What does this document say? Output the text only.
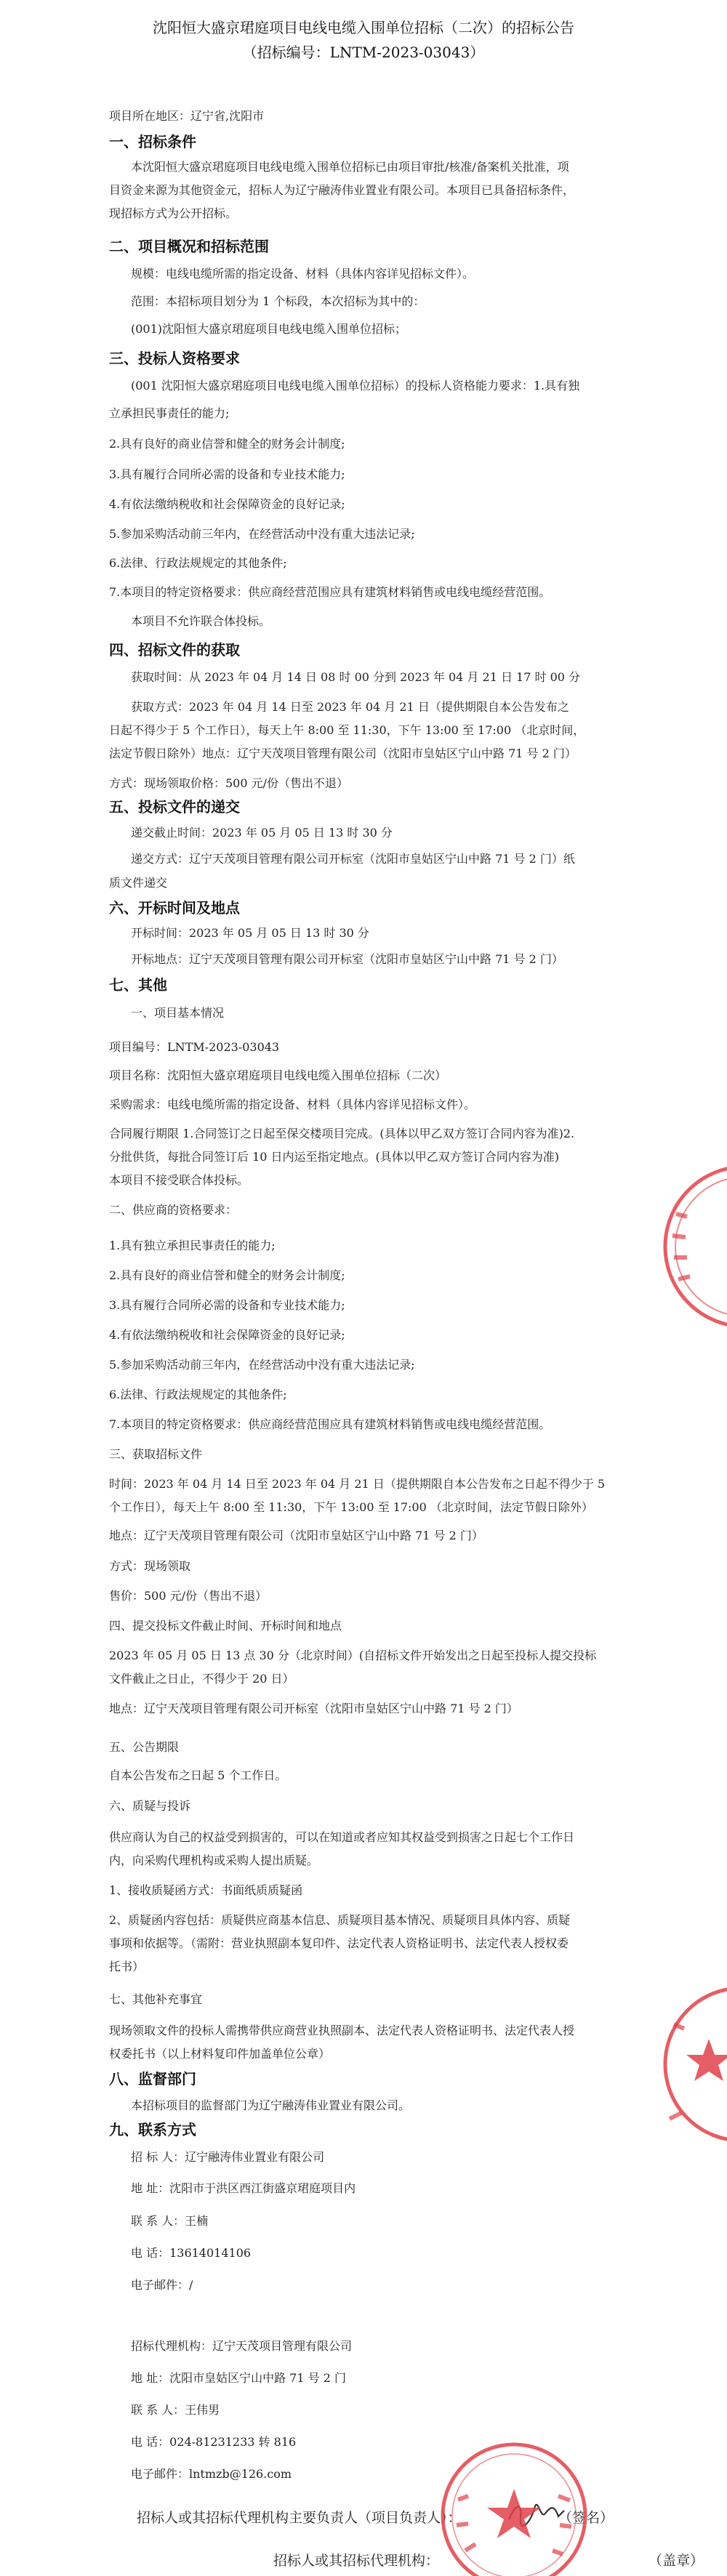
沈阳恒大盛京珺庭项目电线电缆入围单位招标（二次）的招标公告
（招标编号：LNTM-2023-03043）
项目所在地区：辽宁省,沈阳市
一、招标条件
本沈阳恒大盛京珺庭项目电线电缆入围单位招标已由项目审批/核准/备案机关批准，项
目资金来源为其他资金元，招标人为辽宁融涛伟业置业有限公司。本项目已具备招标条件，
现招标方式为公开招标。
二、项目概况和招标范围
规模：电线电缆所需的指定设备、材料（具体内容详见招标文件）。
范围：本招标项目划分为 1 个标段，本次招标为其中的：
(001)沈阳恒大盛京珺庭项目电线电缆入围单位招标；
三、投标人资格要求
(001 沈阳恒大盛京珺庭项目电线电缆入围单位招标）的投标人资格能力要求：1.具有独
立承担民事责任的能力;
2.具有良好的商业信誉和健全的财务会计制度;
3.具有履行合同所必需的设备和专业技术能力;
4.有依法缴纳税收和社会保障资金的良好记录;
5.参加采购活动前三年内，在经营活动中没有重大违法记录;
6.法律、行政法规规定的其他条件;
7.本项目的特定资格要求：供应商经营范围应具有建筑材料销售或电线电缆经营范围。
本项目不允许联合体投标。
四、招标文件的获取
获取时间：从 2023 年 04 月 14 日 08 时 00 分到 2023 年 04 月 21 日 17 时 00 分
获取方式：2023 年 04 月 14 日至 2023 年 04 月 21 日（提供期限自本公告发布之
日起不得少于 5 个工作日），每天上午 8:00 至 11:30，下午 13:00 至 17:00 （北京时间，
法定节假日除外）地点：辽宁天茂项目管理有限公司（沈阳市皇姑区宁山中路 71 号 2 门）
方式：现场领取价格：500 元/份（售出不退）
五、投标文件的递交
递交截止时间：2023 年 05 月 05 日 13 时 30 分
递交方式：辽宁天茂项目管理有限公司开标室（沈阳市皇姑区宁山中路 71 号 2 门）纸
质文件递交
六、开标时间及地点
开标时间：2023 年 05 月 05 日 13 时 30 分
开标地点：辽宁天茂项目管理有限公司开标室（沈阳市皇姑区宁山中路 71 号 2 门）
七、其他
一、项目基本情况
项目编号：LNTM-2023-03043
项目名称：沈阳恒大盛京珺庭项目电线电缆入围单位招标（二次）
采购需求：电线电缆所需的指定设备、材料（具体内容详见招标文件）。
合同履行期限 1.合同签订之日起至保交楼项目完成。(具体以甲乙双方签订合同内容为准)2.
分批供货，每批合同签订后 10 日内运至指定地点。(具体以甲乙双方签订合同内容为准)
本项目不接受联合体投标。
二、供应商的资格要求：
1.具有独立承担民事责任的能力;
2.具有良好的商业信誉和健全的财务会计制度;
3.具有履行合同所必需的设备和专业技术能力;
4.有依法缴纳税收和社会保障资金的良好记录;
5.参加采购活动前三年内，在经营活动中没有重大违法记录;
6.法律、行政法规规定的其他条件;
7.本项目的特定资格要求：供应商经营范围应具有建筑材料销售或电线电缆经营范围。
三、获取招标文件
时间：2023 年 04 月 14 日至 2023 年 04 月 21 日（提供期限自本公告发布之日起不得少于 5
个工作日），每天上午 8:00 至 11:30，下午 13:00 至 17:00 （北京时间，法定节假日除外）
地点：辽宁天茂项目管理有限公司（沈阳市皇姑区宁山中路 71 号 2 门）
方式：现场领取
售价：500 元/份（售出不退）
四、提交投标文件截止时间、开标时间和地点
2023 年 05 月 05 日 13 点 30 分（北京时间）(自招标文件开始发出之日起至投标人提交投标
文件截止之日止，不得少于 20 日）
地点：辽宁天茂项目管理有限公司开标室（沈阳市皇姑区宁山中路 71 号 2 门）
五、公告期限
自本公告发布之日起 5 个工作日。
六、质疑与投诉
供应商认为自己的权益受到损害的，可以在知道或者应知其权益受到损害之日起七个工作日
内，向采购代理机构或采购人提出质疑。
1、接收质疑函方式：书面纸质质疑函
2、质疑函内容包括：质疑供应商基本信息、质疑项目基本情况、质疑项目具体内容、质疑
事项和依据等。（需附：营业执照副本复印件、法定代表人资格证明书、法定代表人授权委
托书）
七、其他补充事宜
现场领取文件的投标人需携带供应商营业执照副本、法定代表人资格证明书、法定代表人授
权委托书（以上材料复印件加盖单位公章）
八、监督部门
本招标项目的监督部门为辽宁融涛伟业置业有限公司。
九、联系方式
招 标 人：辽宁融涛伟业置业有限公司
地 址：沈阳市于洪区西江街盛京珺庭项目内
联 系 人：王楠
电 话：13614014106
电子邮件：/
招标代理机构：辽宁天茂项目管理有限公司
地 址：沈阳市皇姑区宁山中路 71 号 2 门
联 系 人：王伟男
电 话：024-81231233 转 816
电子邮件：lntmzb@126.com
招标人或其招标代理机构主要负责人（项目负责人）：	（签名）
招标人或其招标代理机构：	（盖章）
